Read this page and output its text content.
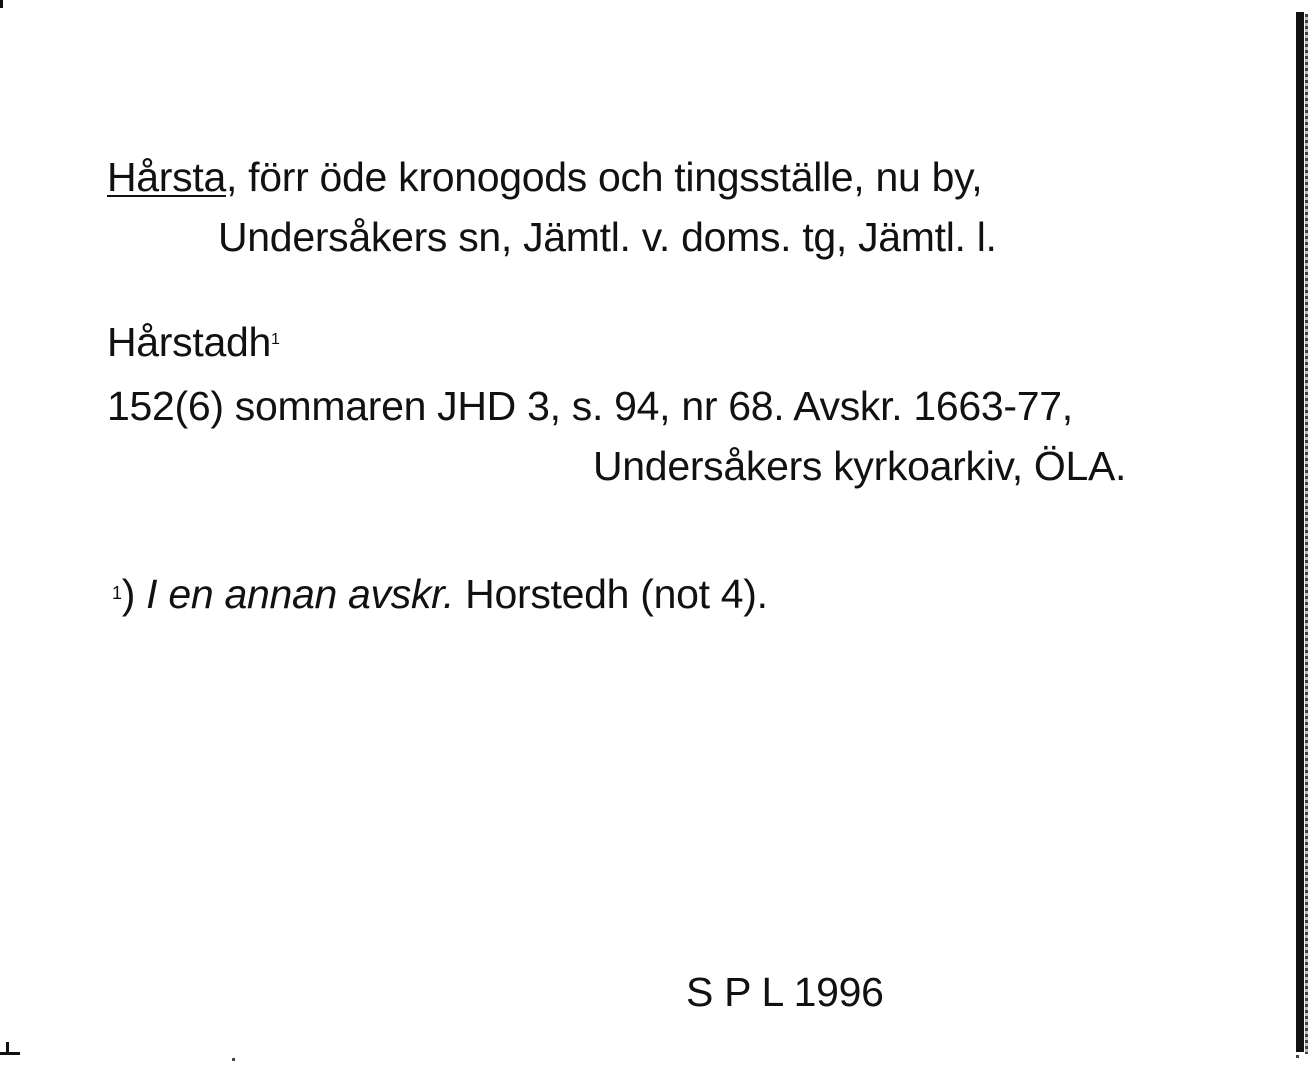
Hårsta, förr öde kronogods och tingsställe, nu by,
Undersåkers sn, Jämtl. v. doms. tg, Jämtl. l.
Hårstadh$^1$
152(6) sommaren JHD 3, s. 94, nr 68. Avskr. 1663-77,
Undersåkers kyrkoarkiv, ÖLA.
$^1$) I en annan avskr. Horstedh (not 4).
S P L 1996
